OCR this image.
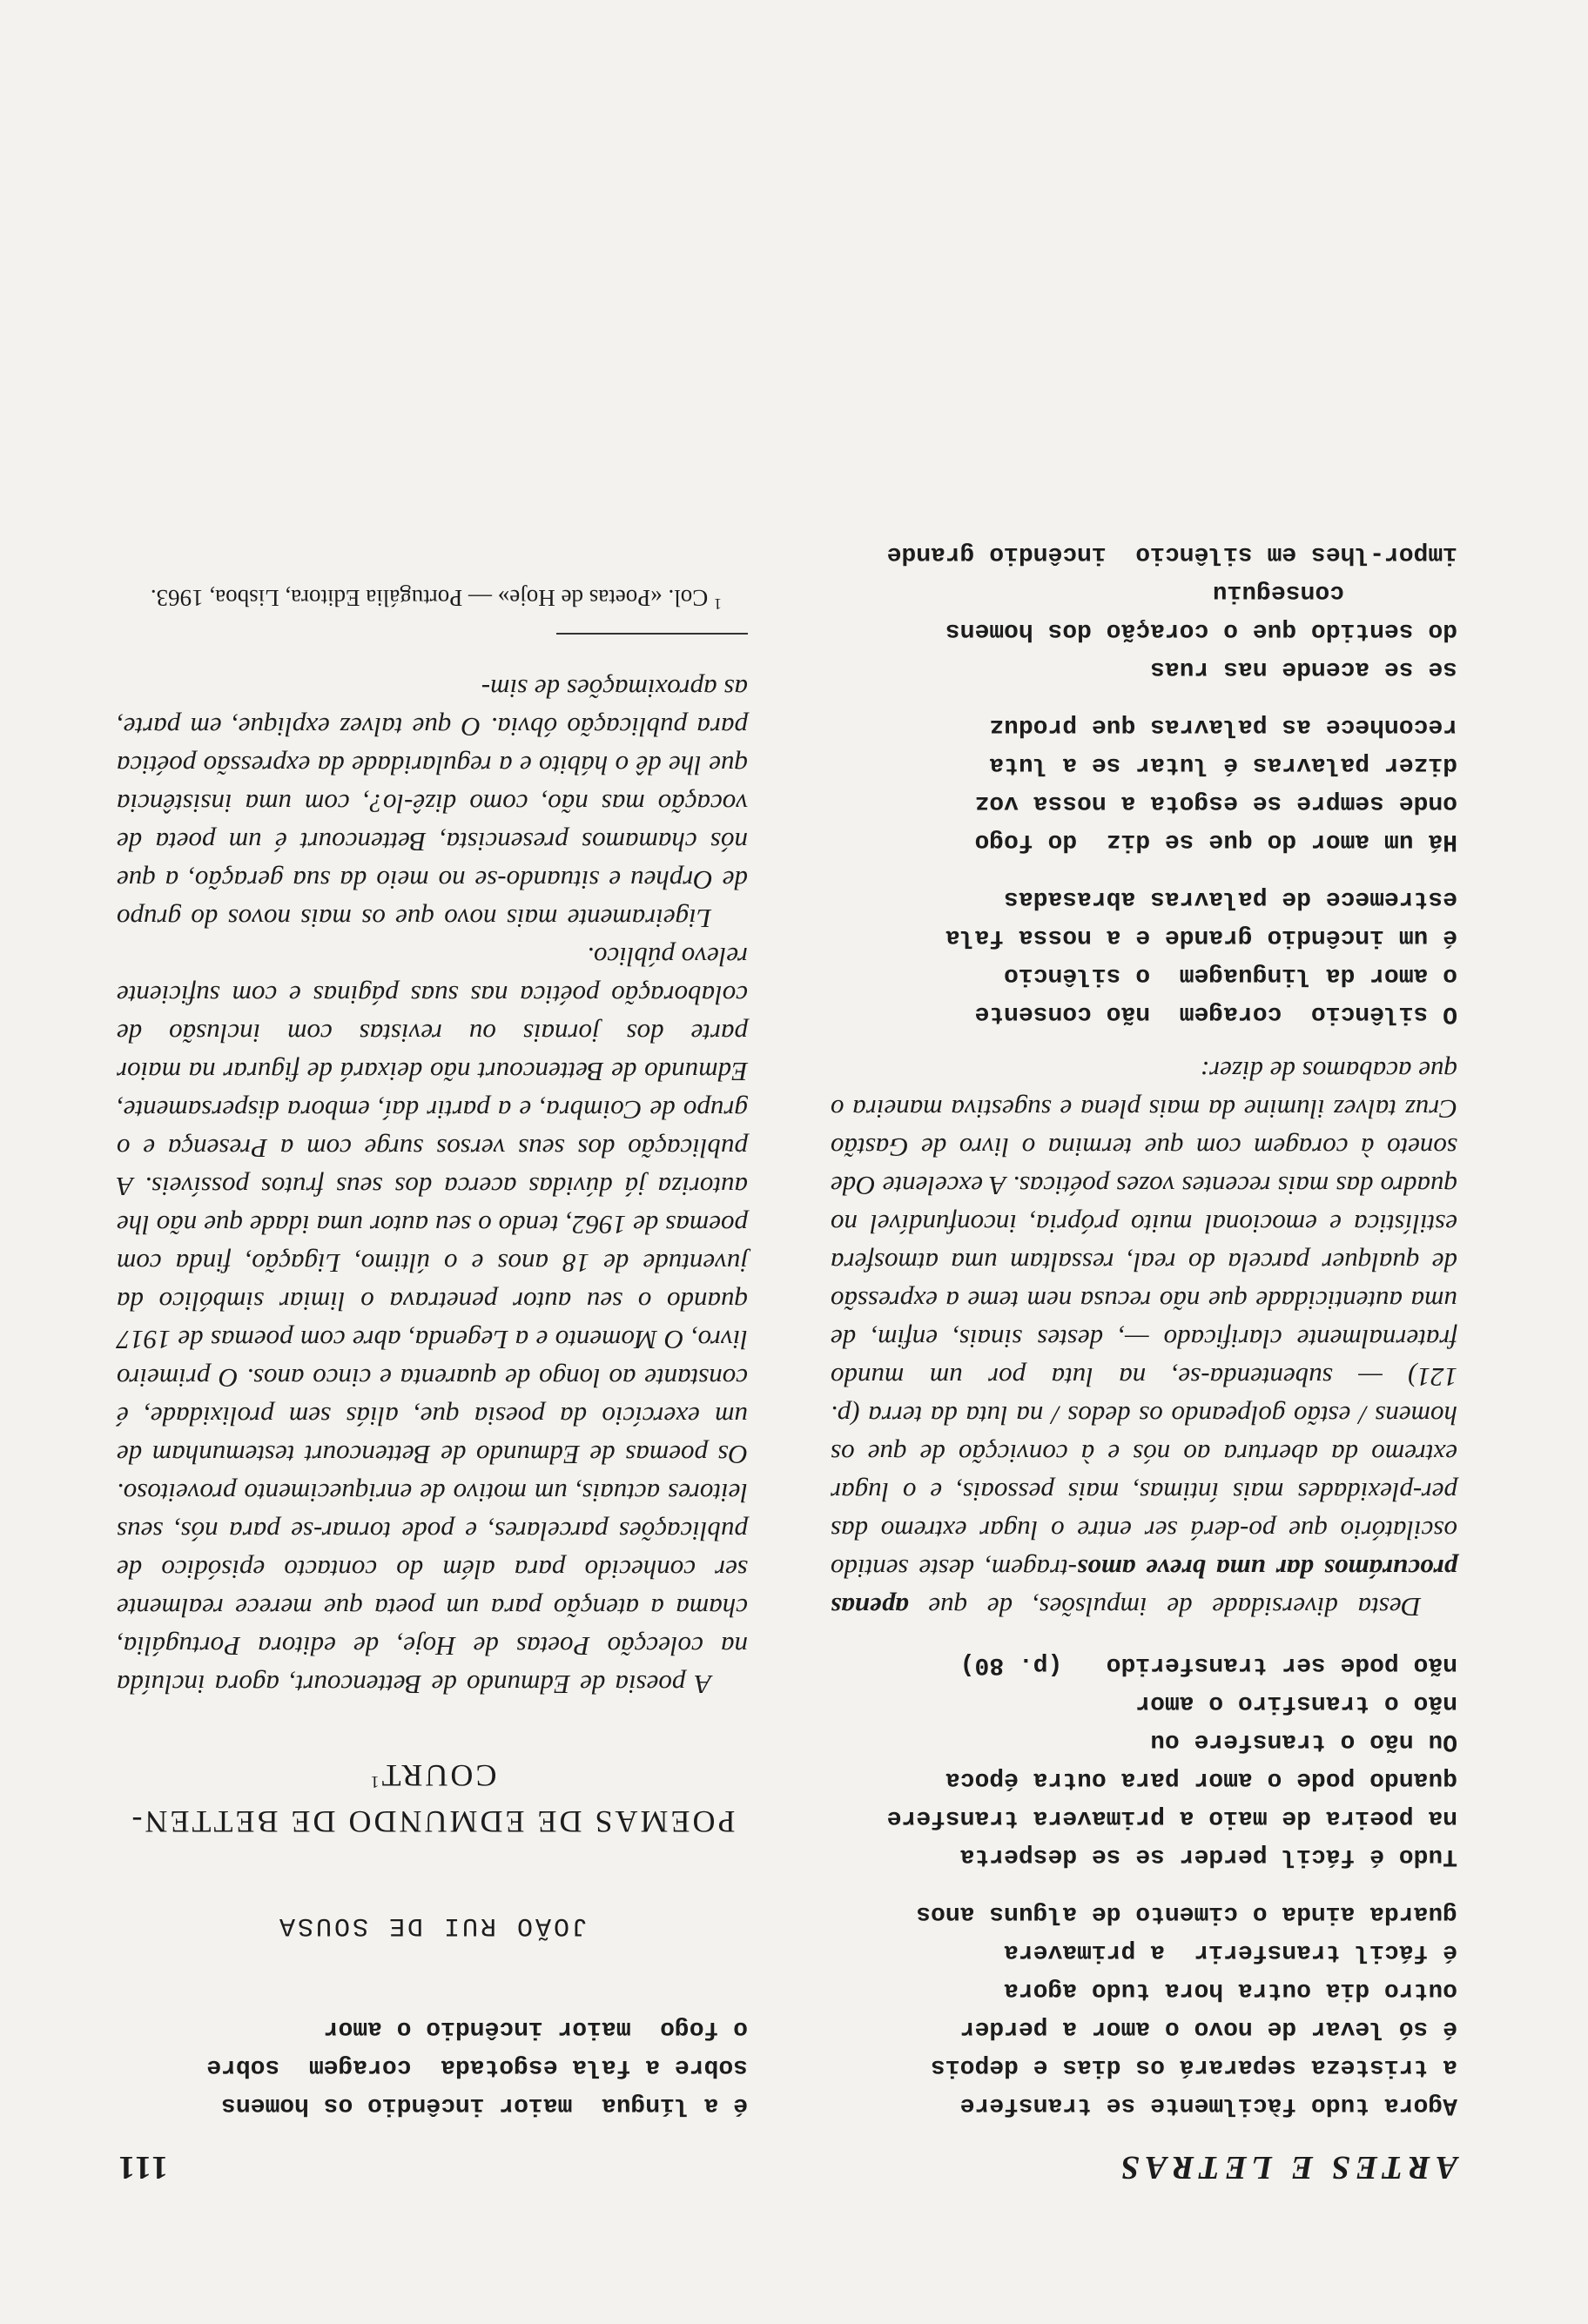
ARTES E LETRAS
111
Agora tudo fàcilmente se transfere
a tristeza separará os dias e depois
é só levar de novo o amor a perder
outro dia outra hora tudo agora
é fácil transferir  a primavera
guarda ainda o cimento de alguns anos
Tudo é fácil perder se se desperta
na poeira de maio a primavera transfere
quando pode o amor para outra época
Ou não o transfere ou
não o transfiro o amor
não pode ser transferido   (p. 80)

Desta diversidade de impulsões, de que apenas procurámos dar uma breve amos-tragem, deste sentido oscilatório que po-derá ser entre o lugar extremo das per-plexidades mais íntimas, mais pessoais, e o lugar extremo da abertura ao nós e à convicção de que os homens / estão golpeando os dedos / na luta da terra (p. 121) — subentenda-se, na luta por um mundo fraternalmente clarificado —, destes sinais, enfim, de uma autenticidade que não recusa nem teme a expressão de qualquer parcela do real, ressaltam uma atmosfera estilística e emocional muito própria, inconfundível no quadro das mais recentes vozes poéticas. A excelente Ode soneto à coragem com que termina o livro de Gastão Cruz talvez ilumine da mais plena e sugestiva maneira o que acabamos de dizer:

O silêncio  coragem  não consente
o amor da linguagem  o silêncio
é um incêndio grande e a nossa fala
estremece de palavras abrasadas
Há um amor do que se diz  do fogo
onde sempre se esgota a nossa voz
dizer palavras é lutar se a luta
reconhece as palavras que produz
se se acende nas ruas
do sentido que o coração dos homens
conseguiu
impor-lhes em silêncio  incêndio grande
é a língua  maior incêndio os homens
sobre a fala esgotada  coragem  sobre
o fogo  maior incêndio o amor
JOÃO RUI DE SOUSA
POEMAS DE EDMUNDO DE BETTEN-COURT$^1$

A poesia de Edmundo de Bettencourt, agora incluída na colecção Poetas de Hoje, de editora Portugália, chama a atenção para um poeta que merece realmente ser conhecido para além do contacto episódico de publicações parcelares, e pode tornar-se para nós, seus leitores actuais, um motivo de enriquecimento proveitoso. Os poemas de Edmundo de Bettencourt testemunham de um exercício da poesia que, aliás sem prolixidade, é constante ao longo de quarenta e cinco anos. O primeiro livro, O Momento e a Legenda, abre com poemas de 1917 quando o seu autor penetrava o limiar simbólico da juventude de 18 anos e o último, Ligação, finda com poemas de 1962, tendo o seu autor uma idade que não lhe autoriza já dúvidas acerca dos seus frutos possíveis. A publicação dos seus versos surge com a Presença e o grupo de Coimbra, e a partir daí, embora dispersamente, Edmundo de Bettencourt não deixará de figurar na maior parte dos jornais ou revistas com inclusão de colaboração poética nas suas páginas e com suficiente relevo público.

Ligeiramente mais novo que os mais novos do grupo de Orpheu e situando-se no meio da sua geração, a que nós chamamos presencista, Bettencourt é um poeta de vocação mas não, como dizê-lo?, com uma insistência que lhe dê o hábito e a regularidade da expressão poética para publicação óbvia. O que talvez explique, em parte, as aproximações de sim-

$^1$ Col. «Poetas de Hoje» — Portugália Editora, Lisboa, 1963.
